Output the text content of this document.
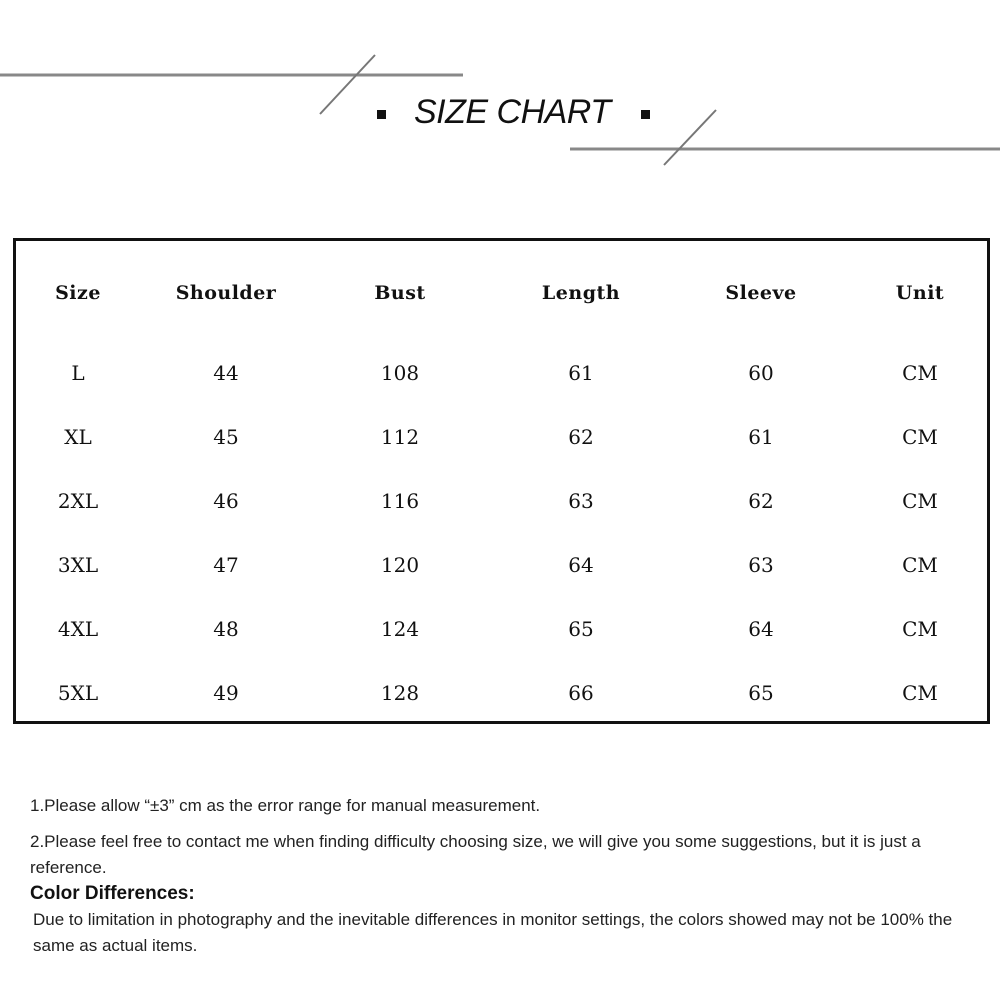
SIZE CHART
Size	Shoulder	Bust	Length	Sleeve	Unit
L	44	108	61	60	CM
XL	45	112	62	61	CM
2XL	46	116	63	62	CM
3XL	47	120	64	63	CM
4XL	48	124	65	64	CM
5XL	49	128	66	65	CM

1.Please allow “±3” cm as the error range for manual measurement.

2.Please feel free to contact me when finding difficulty choosing size, we will give you some suggestions, but it is just a reference.

Color Differences:

Due to limitation in photography and the inevitable differences in monitor settings, the colors showed may not be 100% the same as actual items.
